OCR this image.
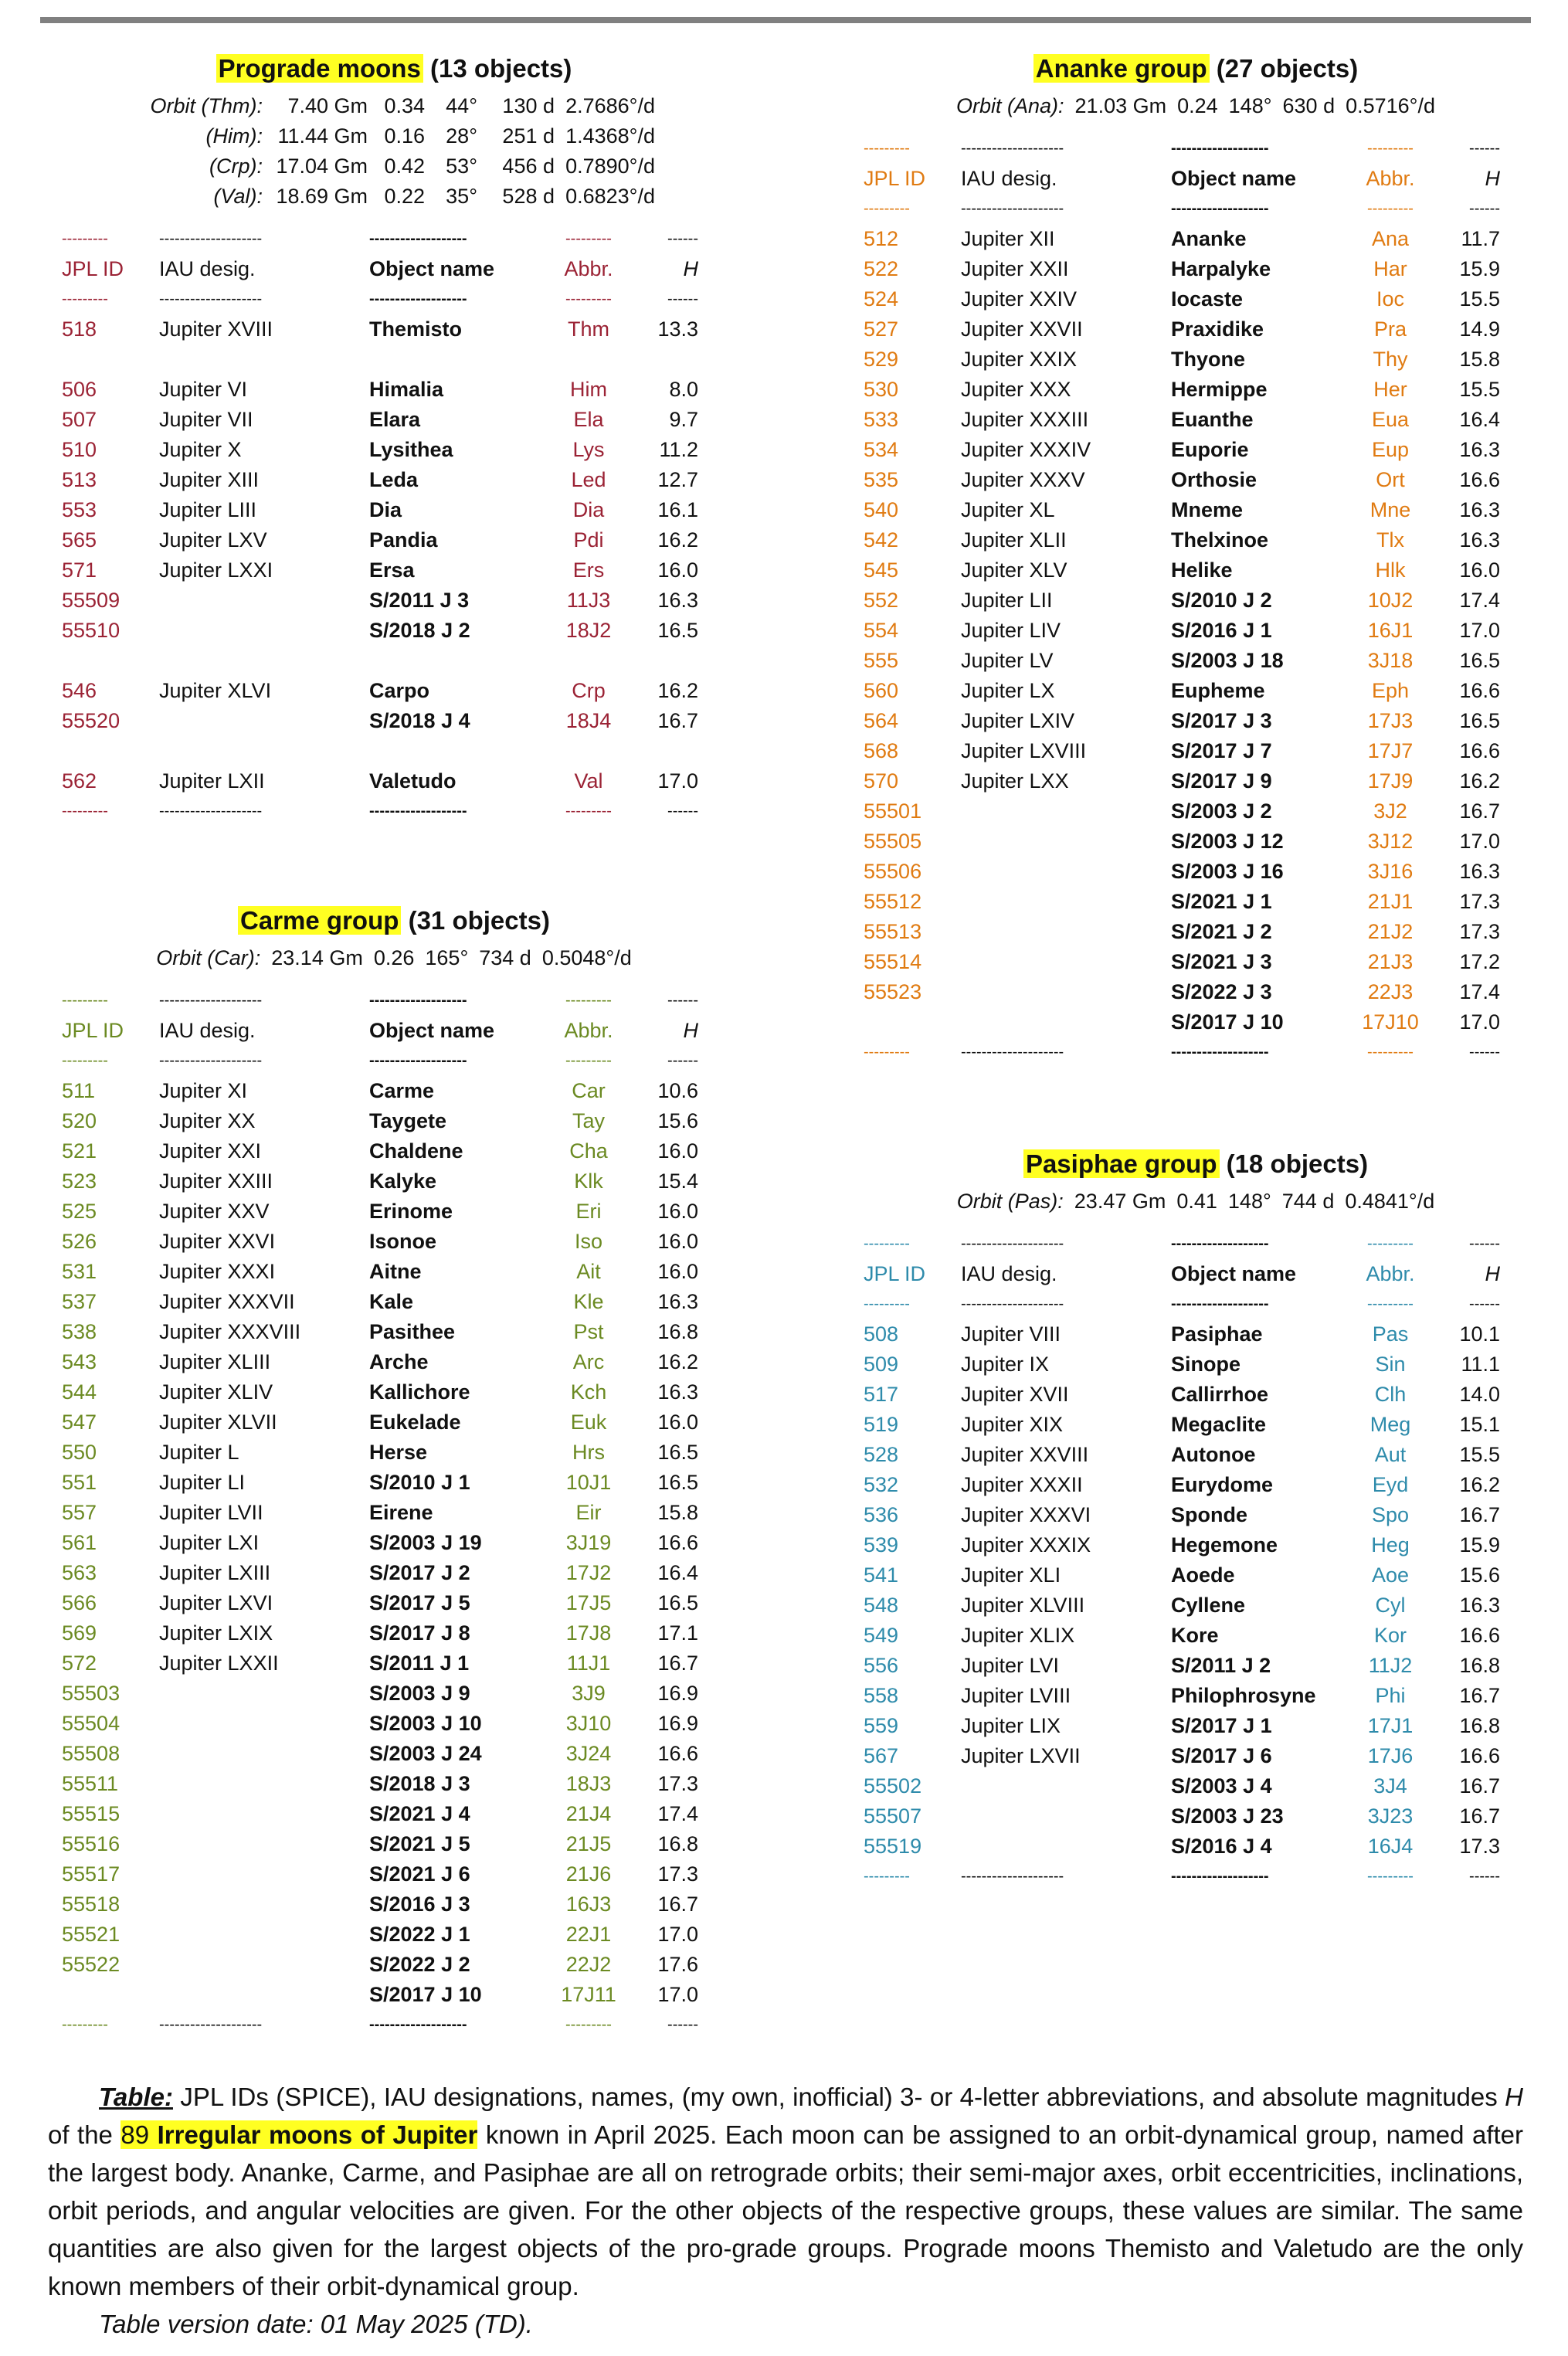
Prograde moons (13 objects)
Orbit (Thm): 7.40 Gm 0.34 44° 130 d 2.7686°/d
(Him): 11.44 Gm 0.16 28° 251 d 1.4368°/d
(Crp): 17.04 Gm 0.42 53° 456 d 0.7890°/d
(Val): 18.69 Gm 0.22 35° 528 d 0.6823°/d
---------	--------------------	-------------------	---------	------
JPL ID	IAU desig.	Object name	Abbr.	H
---------	--------------------	-------------------	---------	------
518	Jupiter XVIII	Themisto	Thm	13.3

506	Jupiter VI	Himalia	Him	8.0
507	Jupiter VII	Elara	Ela	9.7
510	Jupiter X	Lysithea	Lys	11.2
513	Jupiter XIII	Leda	Led	12.7
553	Jupiter LIII	Dia	Dia	16.1
565	Jupiter LXV	Pandia	Pdi	16.2
571	Jupiter LXXI	Ersa	Ers	16.0
55509		S/2011 J 3	11J3	16.3
55510		S/2018 J 2	18J2	16.5

546	Jupiter XLVI	Carpo	Crp	16.2
55520		S/2018 J 4	18J4	16.7

562	Jupiter LXII	Valetudo	Val	17.0
---------	--------------------	-------------------	---------	------
Carme group (31 objects)
Orbit (Car): 23.14 Gm 0.26 165° 734 d 0.5048°/d
---------	--------------------	-------------------	---------	------
JPL ID	IAU desig.	Object name	Abbr.	H
---------	--------------------	-------------------	---------	------
511	Jupiter XI	Carme	Car	10.6
520	Jupiter XX	Taygete	Tay	15.6
521	Jupiter XXI	Chaldene	Cha	16.0
523	Jupiter XXIII	Kalyke	Klk	15.4
525	Jupiter XXV	Erinome	Eri	16.0
526	Jupiter XXVI	Isonoe	Iso	16.0
531	Jupiter XXXI	Aitne	Ait	16.0
537	Jupiter XXXVII	Kale	Kle	16.3
538	Jupiter XXXVIII	Pasithee	Pst	16.8
543	Jupiter XLIII	Arche	Arc	16.2
544	Jupiter XLIV	Kallichore	Kch	16.3
547	Jupiter XLVII	Eukelade	Euk	16.0
550	Jupiter L	Herse	Hrs	16.5
551	Jupiter LI	S/2010 J 1	10J1	16.5
557	Jupiter LVII	Eirene	Eir	15.8
561	Jupiter LXI	S/2003 J 19	3J19	16.6
563	Jupiter LXIII	S/2017 J 2	17J2	16.4
566	Jupiter LXVI	S/2017 J 5	17J5	16.5
569	Jupiter LXIX	S/2017 J 8	17J8	17.1
572	Jupiter LXXII	S/2011 J 1	11J1	16.7
55503		S/2003 J 9	3J9	16.9
55504		S/2003 J 10	3J10	16.9
55508		S/2003 J 24	3J24	16.6
55511		S/2018 J 3	18J3	17.3
55515		S/2021 J 4	21J4	17.4
55516		S/2021 J 5	21J5	16.8
55517		S/2021 J 6	21J6	17.3
55518		S/2016 J 3	16J3	16.7
55521		S/2022 J 1	22J1	17.0
55522		S/2022 J 2	22J2	17.6
		S/2017 J 10	17J11	17.0
---------	--------------------	-------------------	---------	------
Ananke group (27 objects)
Orbit (Ana): 21.03 Gm 0.24 148° 630 d 0.5716°/d
---------	--------------------	-------------------	---------	------
JPL ID	IAU desig.	Object name	Abbr.	H
---------	--------------------	-------------------	---------	------
512	Jupiter XII	Ananke	Ana	11.7
522	Jupiter XXII	Harpalyke	Har	15.9
524	Jupiter XXIV	Iocaste	Ioc	15.5
527	Jupiter XXVII	Praxidike	Pra	14.9
529	Jupiter XXIX	Thyone	Thy	15.8
530	Jupiter XXX	Hermippe	Her	15.5
533	Jupiter XXXIII	Euanthe	Eua	16.4
534	Jupiter XXXIV	Euporie	Eup	16.3
535	Jupiter XXXV	Orthosie	Ort	16.6
540	Jupiter XL	Mneme	Mne	16.3
542	Jupiter XLII	Thelxinoe	Tlx	16.3
545	Jupiter XLV	Helike	Hlk	16.0
552	Jupiter LII	S/2010 J 2	10J2	17.4
554	Jupiter LIV	S/2016 J 1	16J1	17.0
555	Jupiter LV	S/2003 J 18	3J18	16.5
560	Jupiter LX	Eupheme	Eph	16.6
564	Jupiter LXIV	S/2017 J 3	17J3	16.5
568	Jupiter LXVIII	S/2017 J 7	17J7	16.6
570	Jupiter LXX	S/2017 J 9	17J9	16.2
55501		S/2003 J 2	3J2	16.7
55505		S/2003 J 12	3J12	17.0
55506		S/2003 J 16	3J16	16.3
55512		S/2021 J 1	21J1	17.3
55513		S/2021 J 2	21J2	17.3
55514		S/2021 J 3	21J3	17.2
55523		S/2022 J 3	22J3	17.4
		S/2017 J 10	17J10	17.0
---------	--------------------	-------------------	---------	------
Pasiphae group (18 objects)
Orbit (Pas): 23.47 Gm 0.41 148° 744 d 0.4841°/d
---------	--------------------	-------------------	---------	------
JPL ID	IAU desig.	Object name	Abbr.	H
---------	--------------------	-------------------	---------	------
508	Jupiter VIII	Pasiphae	Pas	10.1
509	Jupiter IX	Sinope	Sin	11.1
517	Jupiter XVII	Callirrhoe	Clh	14.0
519	Jupiter XIX	Megaclite	Meg	15.1
528	Jupiter XXVIII	Autonoe	Aut	15.5
532	Jupiter XXXII	Eurydome	Eyd	16.2
536	Jupiter XXXVI	Sponde	Spo	16.7
539	Jupiter XXXIX	Hegemone	Heg	15.9
541	Jupiter XLI	Aoede	Aoe	15.6
548	Jupiter XLVIII	Cyllene	Cyl	16.3
549	Jupiter XLIX	Kore	Kor	16.6
556	Jupiter LVI	S/2011 J 2	11J2	16.8
558	Jupiter LVIII	Philophrosyne	Phi	16.7
559	Jupiter LIX	S/2017 J 1	17J1	16.8
567	Jupiter LXVII	S/2017 J 6	17J6	16.6
55502		S/2003 J 4	3J4	16.7
55507		S/2003 J 23	3J23	16.7
55519		S/2016 J 4	16J4	17.3
---------	--------------------	-------------------	---------	------
Table: JPL IDs (SPICE), IAU designations, names, (my own, inofficial) 3- or 4-letter abbreviations, and absolute magnitudes H of the 89 Irregular moons of Jupiter known in April 2025. Each moon can be assigned to an orbit-dynamical group, named after the largest body. Ananke, Carme, and Pasiphae are all on retrograde orbits; their semi-major axes, orbit eccentricities, inclinations, orbit periods, and angular velocities are given. For the other objects of the respective groups, these values are similar. The same quantities are also given for the largest objects of the pro-grade groups. Prograde moons Themisto and Valetudo are the only known members of their orbit-dynamical group.
Table version date: 01 May 2025 (TD).
